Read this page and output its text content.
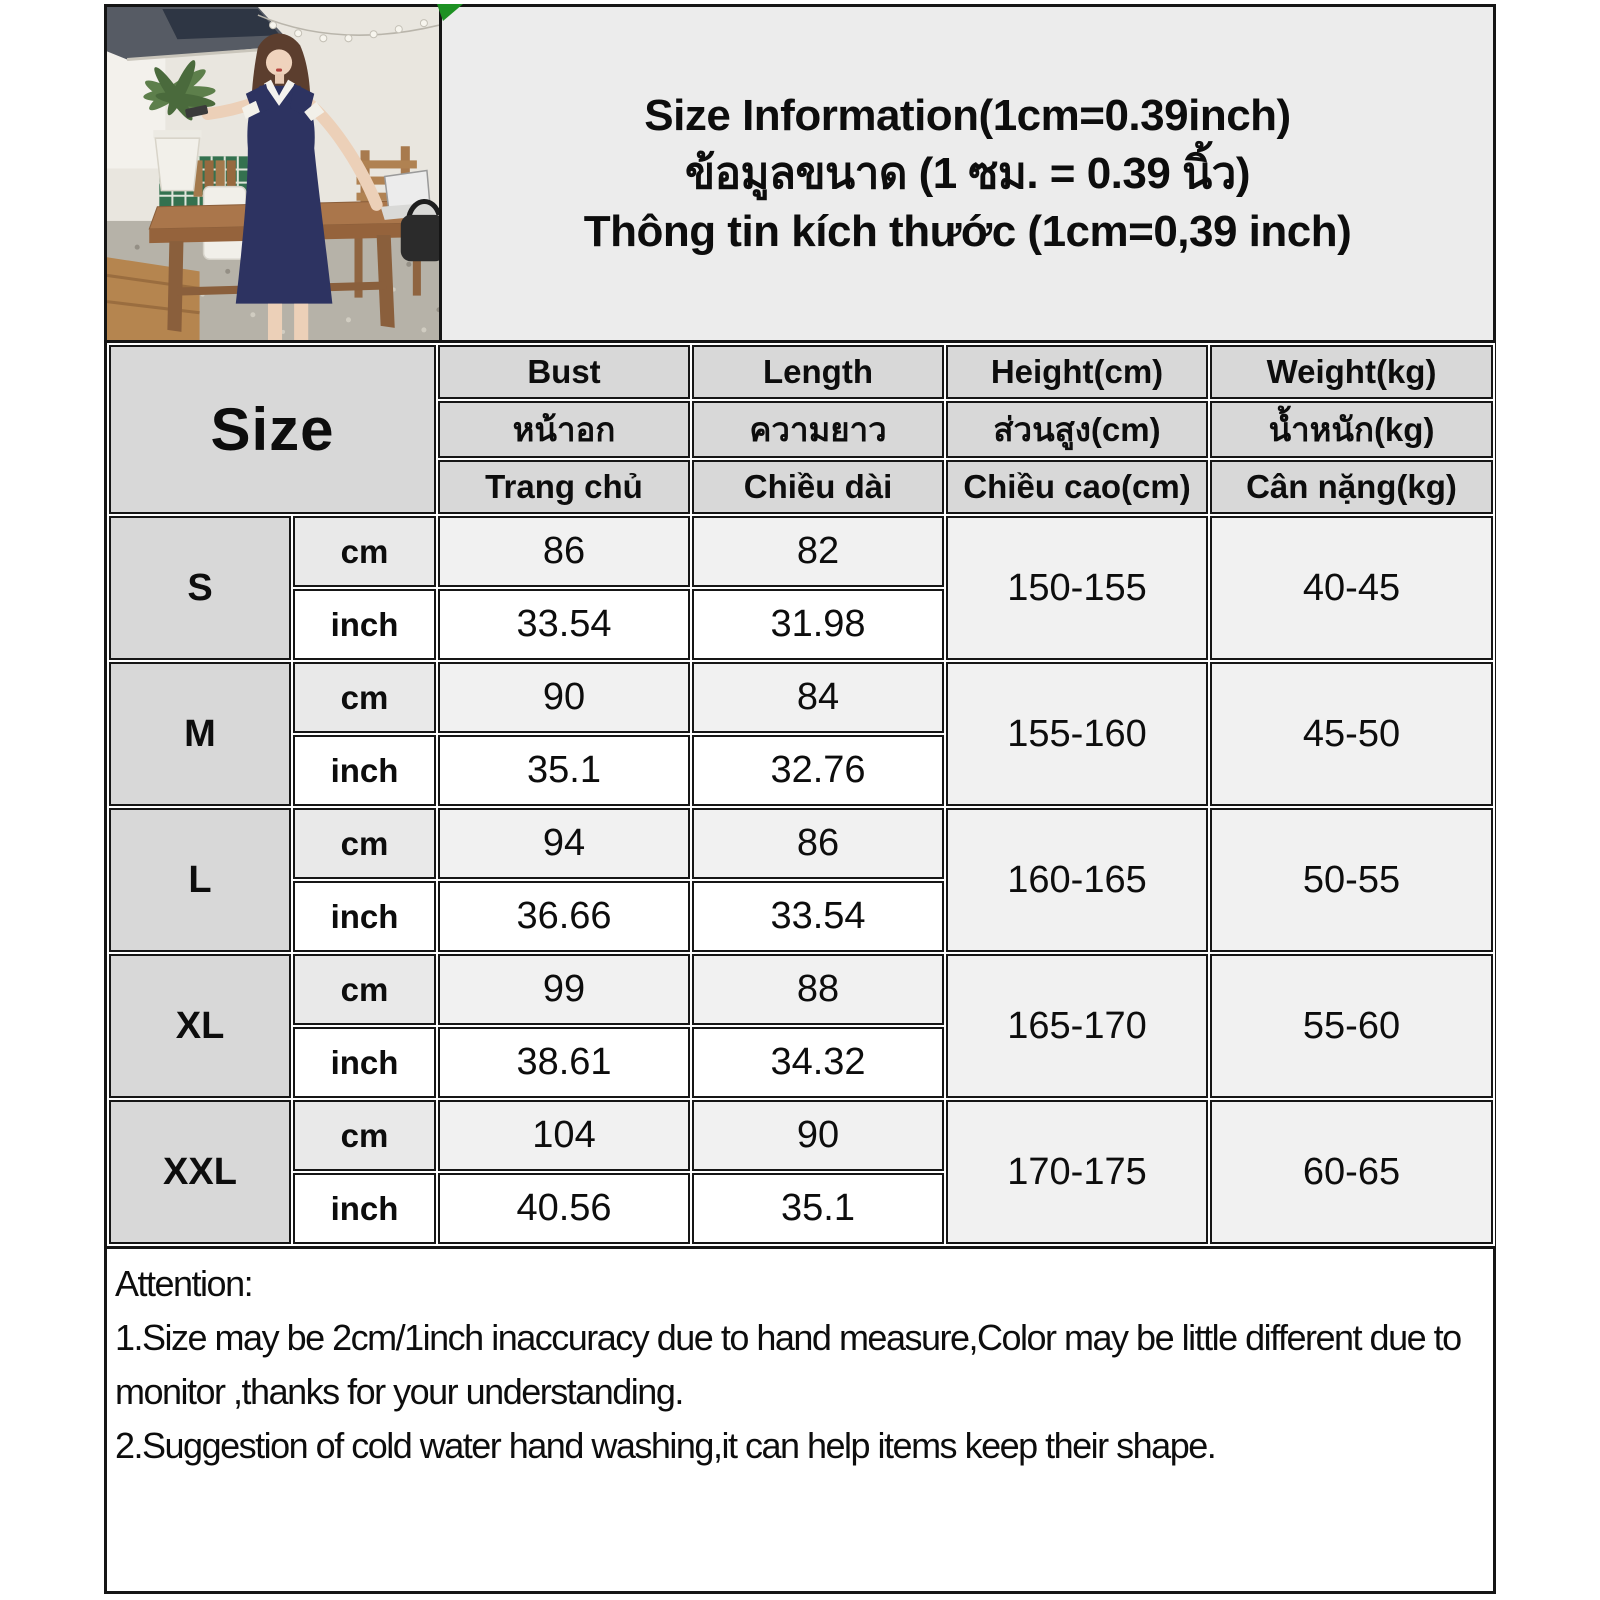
Size Information(1cm=0.39inch)
ข้อมูลขนาด (1 ซม. = 0.39 นิ้ว)
Thông tin kích thước (1cm=0,39 inch)
Size		Bust	Length	Height(cm)	Weight(kg)
		หน้าอก	ความยาว	ส่วนสูง(cm)	น้ำหนัก(kg)
		Trang chủ	Chiều dài	Chiều cao(cm)	Cân nặng(kg)
S	cm	86	82	150-155	40-45
	inch	33.54	31.98		
M	cm	90	84	155-160	45-50
	inch	35.1	32.76		
L	cm	94	86	160-165	50-55
	inch	36.66	33.54		
XL	cm	99	88	165-170	55-60
	inch	38.61	34.32		
XXL	cm	104	90	170-175	60-65
	inch	40.56	35.1		

Attention:

1.Size may be 2cm/1inch inaccuracy due to hand measure,Color may be little different due to monitor ,thanks for your understanding.

2.Suggestion of cold water hand washing,it can help items keep their shape.
